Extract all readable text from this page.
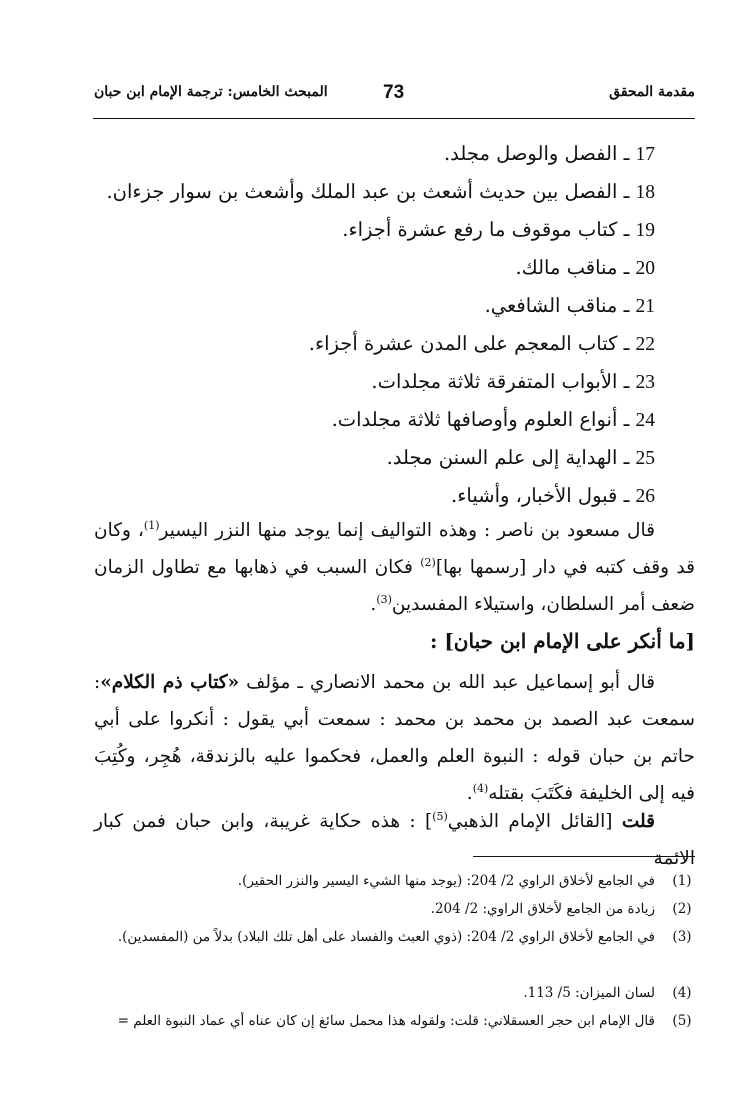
مقدمة المحقق
73
المبحث الخامس: ترجمة الإمام ابن حبان
17 ـ الفصل والوصل مجلد.
18 ـ الفصل بين حديث أشعث بن عبد الملك وأشعث بن سوار جزءان.
19 ـ كتاب موقوف ما رفع عشرة أجزاء.
20 ـ مناقب مالك.
21 ـ مناقب الشافعي.
22 ـ كتاب المعجم على المدن عشرة أجزاء.
23 ـ الأبواب المتفرقة ثلاثة مجلدات.
24 ـ أنواع العلوم وأوصافها ثلاثة مجلدات.
25 ـ الهداية إلى علم السنن مجلد.
26 ـ قبول الأخبار، وأشياء.
قال مسعود بن ناصر : وهذه التواليف إنما يوجد منها النزر اليسير$^{(1)}$، وكان قد وقف كتبه في دار [رسمها بها]$^{(2)}$ فكان السبب في ذهابها مع تطاول الزمان ضعف أمر السلطان، واستيلاء المفسدين$^{(3)}$.
[ما أنكر على الإمام ابن حبان] :
قال أبو إسماعيل عبد الله بن محمد الانصاري ـ مؤلف «كتاب ذم الكلام»: سمعت عبد الصمد بن محمد بن محمد : سمعت أبي يقول : أنكروا على أبي حاتم بن حبان قوله : النبوة العلم والعمل، فحكموا عليه بالزندقة، هُجِر، وكُتِبَ فيه إلى الخليفة فكَتَبَ بقتله$^{(4)}$.
قلت [القائل الإمام الذهبي$^{(5)}$] : هذه حكاية غريبة، وابن حبان فمن كبار الائمة
(1)
في الجامع لأخلاق الراوي 2/ 204: (يوجد منها الشيء اليسير والنزر الحقير).
(2)
زيادة من الجامع لأخلاق الراوي: 2/ 204.
(3)
في الجامع لأخلاق الراوي 2/ 204: (ذوي العبث والفساد على أهل تلك البلاد) بدلاً من (المفسدين).
(4)
لسان الميزان: 5/ 113.
(5)
قال الإمام ابن حجر العسقلاني: قلت: ولقوله هذا محمل سائغ إن كان عناه أي عماد النبوة العلم =
